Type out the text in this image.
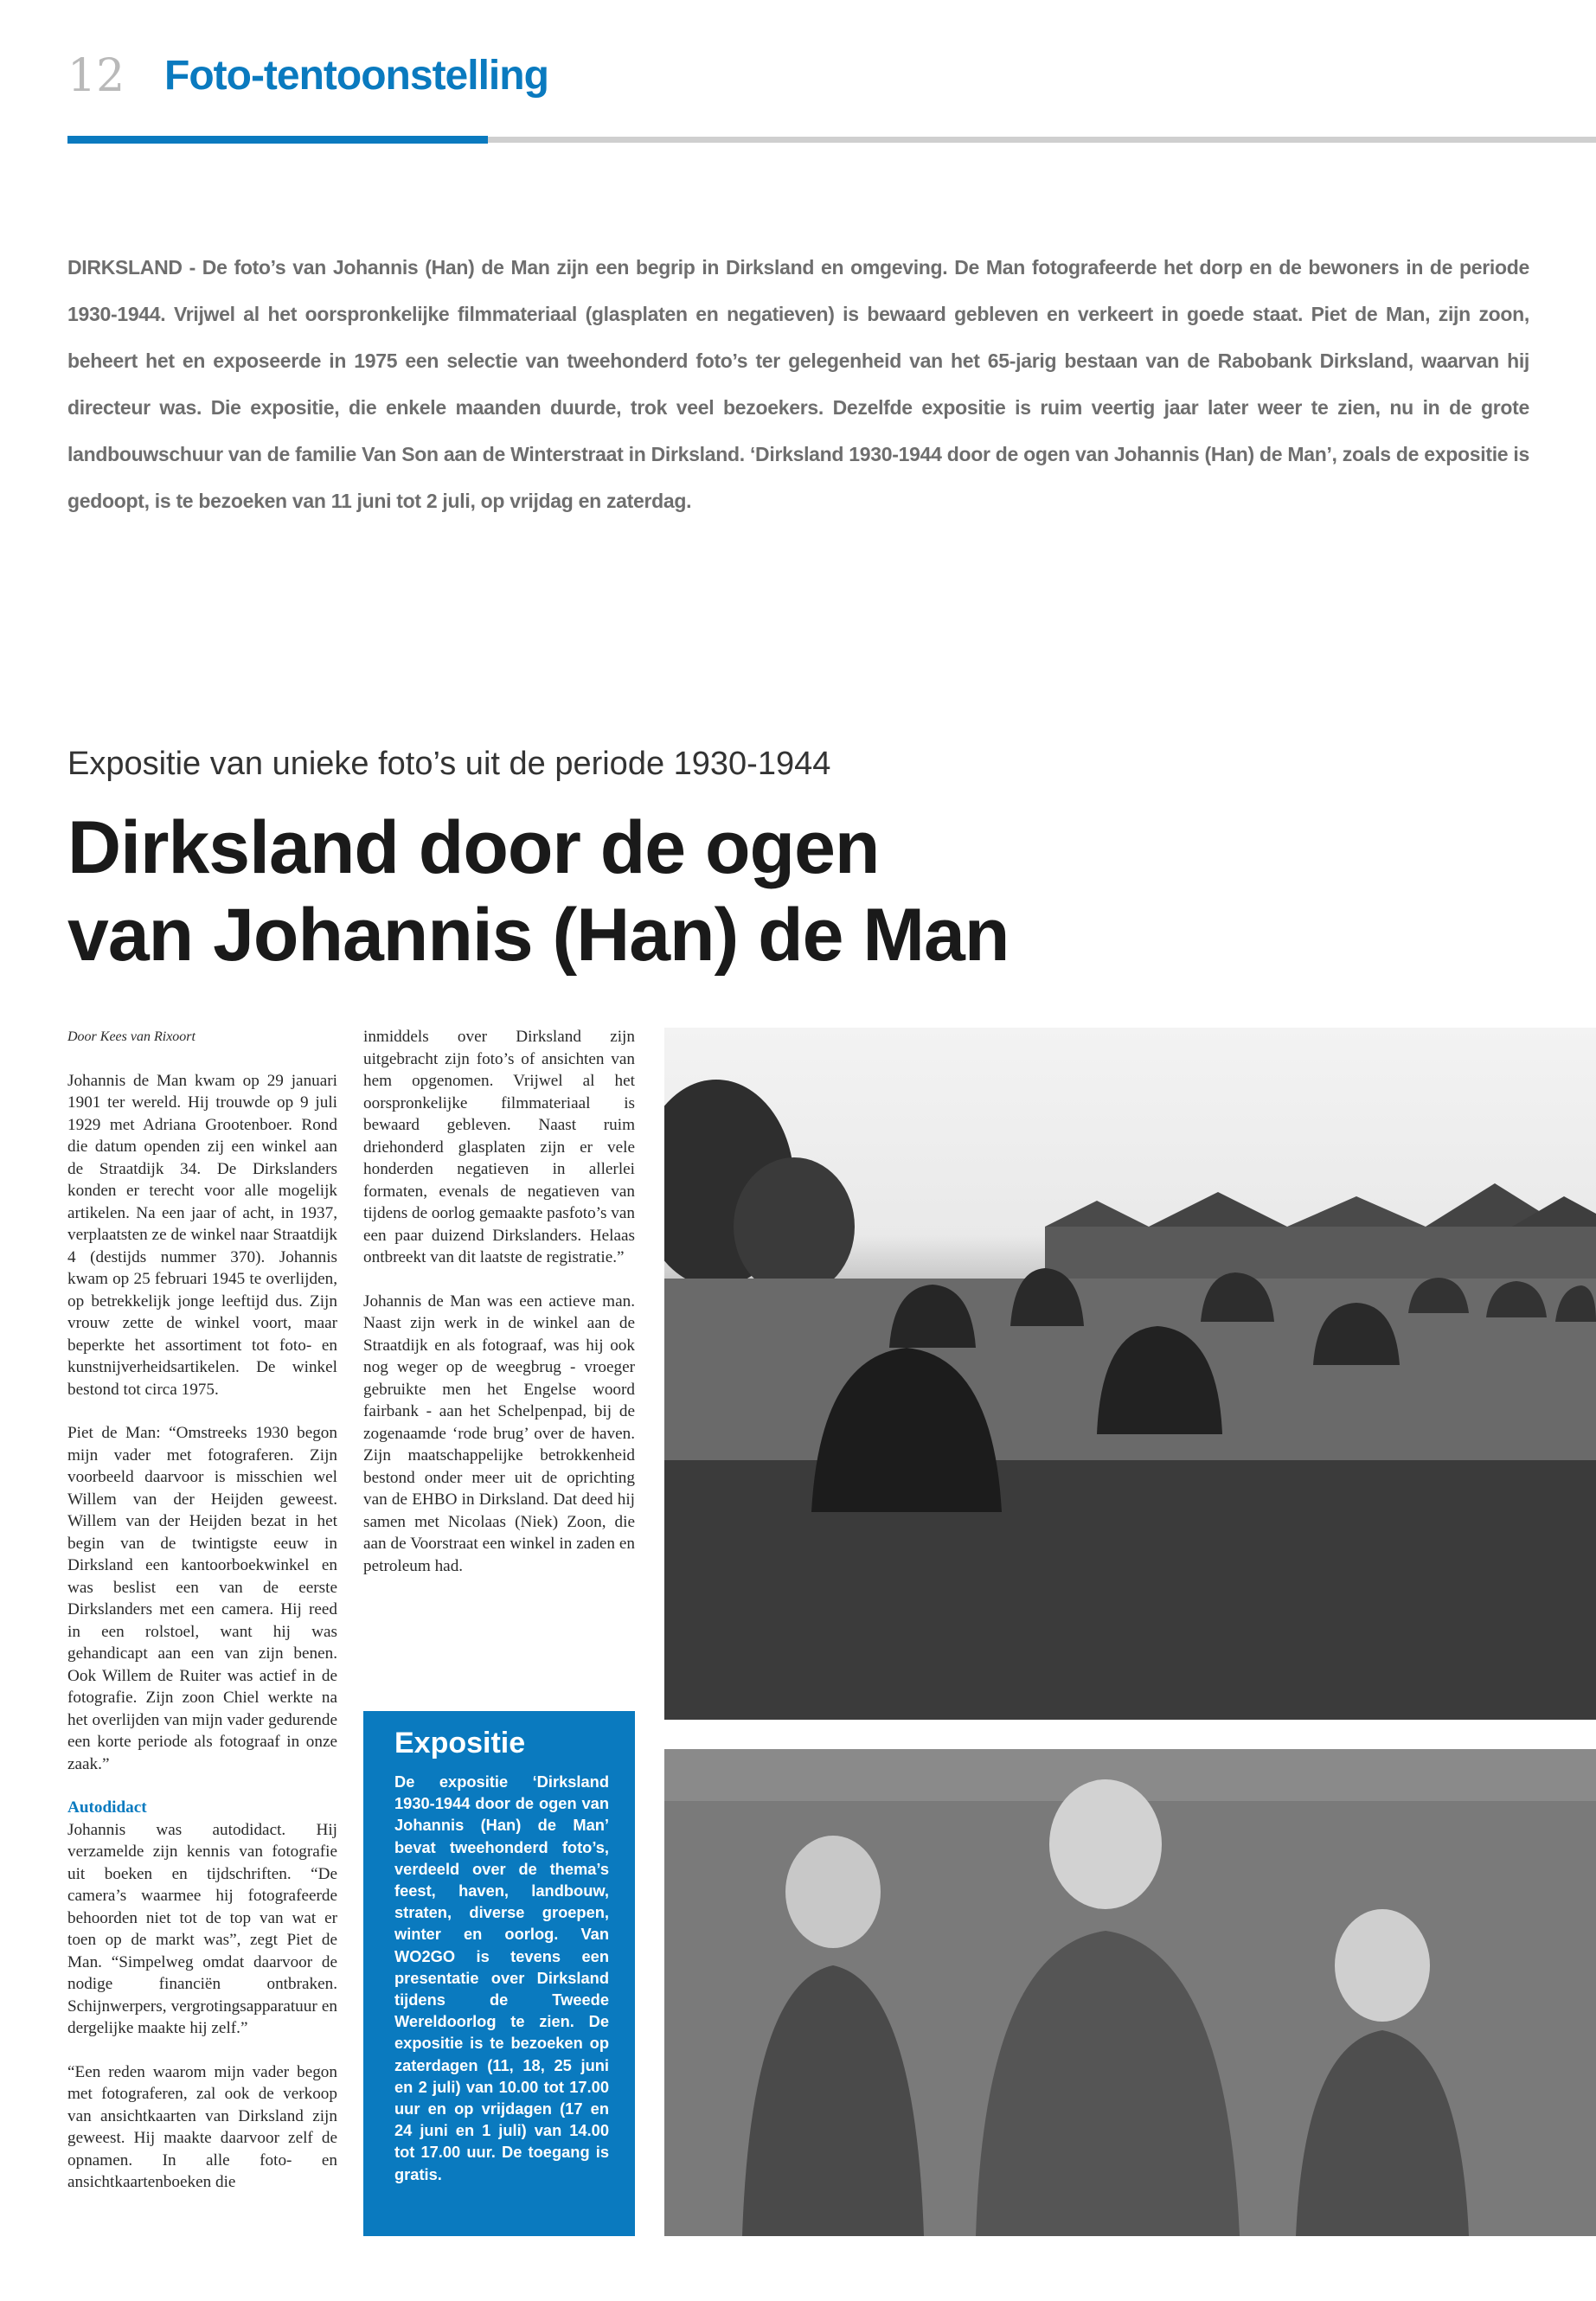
12 Foto-tentoonstelling
DIRKSLAND - De foto’s van Johannis (Han) de Man zijn een begrip in Dirksland en omgeving. De Man fotografeerde het dorp en de bewoners in de periode 1930-1944. Vrijwel al het oorspronkelijke filmmateriaal (glasplaten en negatieven) is bewaard gebleven en verkeert in goede staat. Piet de Man, zijn zoon, beheert het en exposeerde in 1975 een selectie van tweehonderd foto’s ter gelegenheid van het 65-jarig bestaan van de Rabobank Dirksland, waarvan hij directeur was. Die expositie, die enkele maanden duurde, trok veel bezoekers. Dezelfde expositie is ruim veertig jaar later weer te zien, nu in de grote landbouwschuur van de familie Van Son aan de Winterstraat in Dirksland. ‘Dirksland 1930-1944 door de ogen van Johannis (Han) de Man’, zoals de expositie is gedoopt, is te bezoeken van 11 juni tot 2 juli, op vrijdag en zaterdag.
Expositie van unieke foto’s uit de periode 1930-1944
Dirksland door de ogen
van Johannis (Han) de Man

Door Kees van Rixoort

Johannis de Man kwam op 29 januari 1901 ter wereld. Hij trouwde op 9 juli 1929 met Adriana Grootenboer. Rond die datum openden zij een winkel aan de Straatdijk 34. De Dirkslanders konden er terecht voor alle mogelijk artikelen. Na een jaar of acht, in 1937, verplaatsten ze de winkel naar Straatdijk 4 (destijds nummer 370). Johannis kwam op 25 februari 1945 te overlijden, op betrekkelijk jonge leeftijd dus. Zijn vrouw zette de winkel voort, maar beperkte het assortiment tot foto- en kunstnijverheidsartikelen. De winkel bestond tot circa 1975.

Piet de Man: “Omstreeks 1930 begon mijn vader met fotograferen. Zijn voorbeeld daarvoor is misschien wel Willem van der Heijden geweest. Willem van der Heijden bezat in het begin van de twintigste eeuw in Dirksland een kantoorboekwinkel en was beslist een van de eerste Dirkslanders met een camera. Hij reed in een rolstoel, want hij was gehandicapt aan een van zijn benen. Ook Willem de Ruiter was actief in de fotografie. Zijn zoon Chiel werkte na het overlijden van mijn vader gedurende een korte periode als fotograaf in onze zaak.”

Autodidact

Johannis was autodidact. Hij verzamelde zijn kennis van fotografie uit boeken en tijdschriften. “De camera’s waarmee hij fotografeerde behoorden niet tot de top van wat er toen op de markt was”, zegt Piet de Man. “Simpelweg omdat daarvoor de nodige financiën ontbraken. Schijnwerpers, vergrotingsapparatuur en dergelijke maakte hij zelf.”

“Een reden waarom mijn vader begon met fotograferen, zal ook de verkoop van ansichtkaarten van Dirksland zijn geweest. Hij maakte daarvoor zelf de opnamen. In alle foto- en ansichtkaartenboeken die

inmiddels over Dirksland zijn uitgebracht zijn foto’s of ansichten van hem opgenomen. Vrijwel al het oorspronkelijke filmmateriaal is bewaard gebleven. Naast ruim driehonderd glasplaten zijn er vele honderden negatieven in allerlei formaten, evenals de negatieven van tijdens de oorlog gemaakte pasfoto’s van een paar duizend Dirkslanders. Helaas ontbreekt van dit laatste de registratie.”

Johannis de Man was een actieve man. Naast zijn werk in de winkel aan de Straatdijk en als fotograaf, was hij ook nog weger op de weegbrug - vroeger gebruikte men het Engelse woord fairbank - aan het Schelpenpad, bij de zogenaamde ‘rode brug’ over de haven. Zijn maatschappelijke betrokkenheid bestond onder meer uit de oprichting van de EHBO in Dirksland. Dat deed hij samen met Nicolaas (Niek) Zoon, die aan de Voorstraat een winkel in zaden en petroleum had.

Expositie
De expositie ‘Dirksland 1930-1944 door de ogen van Johannis (Han) de Man’ bevat tweehonderd foto’s, verdeeld over de thema’s feest, haven, landbouw, straten, diverse groepen, winter en oorlog. Van WO2GO is tevens een presentatie over Dirksland tijdens de Tweede Wereldoorlog te zien. De expositie is te bezoeken op zaterdagen (11, 18, 25 juni en 2 juli) van 10.00 tot 17.00 uur en op vrijdagen (17 en 24 juni en 1 juli) van 14.00 tot 17.00 uur. De toegang is gratis.
